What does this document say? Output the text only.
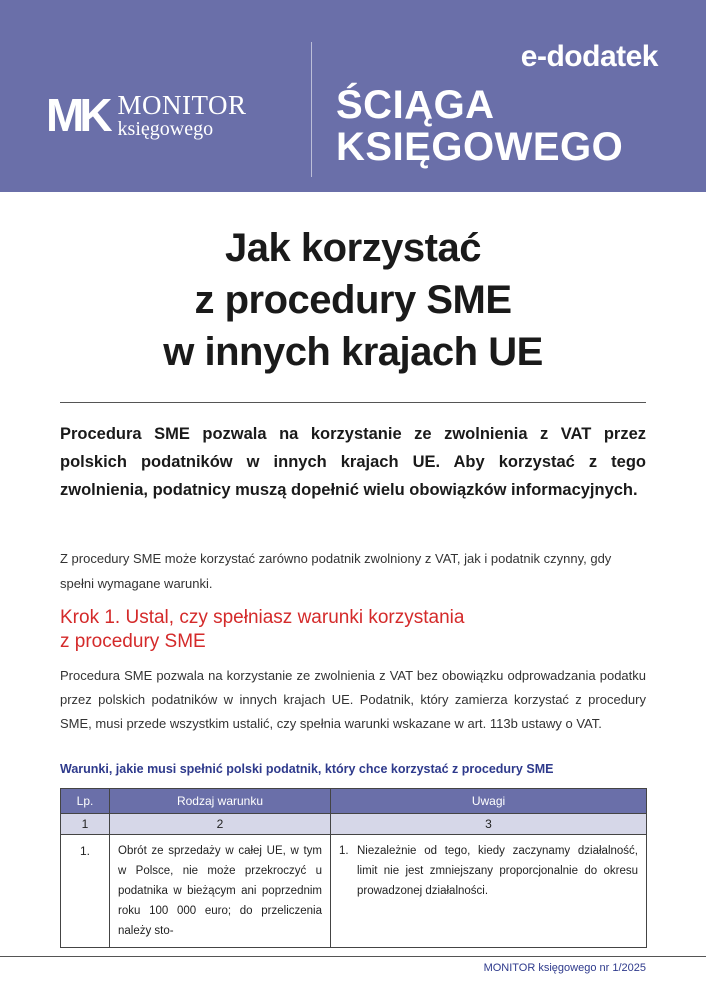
MK MONITOR
księgowego
e-dodatek
ŚCIĄGA
KSIĘGOWEGO
Jak korzystać
z procedury SME
w innych krajach UE
Procedura SME pozwala na korzystanie ze zwolnienia z VAT przez polskich podatników w innych krajach UE. Aby korzystać z tego zwolnienia, podatnicy muszą dopełnić wielu obowiązków informacyjnych.
Z procedury SME może korzystać zarówno podatnik zwolniony z VAT, jak i podatnik czynny, gdy spełni wymagane warunki.
Krok 1. Ustal, czy spełniasz warunki korzystania
z procedury SME
Procedura SME pozwala na korzystanie ze zwolnienia z VAT bez obowiązku odprowadzania podatku przez polskich podatników w innych krajach UE. Podatnik, który zamierza korzystać z procedury SME, musi przede wszystkim ustalić, czy spełnia warunki wskazane w art. 113b ustawy o VAT.
Warunki, jakie musi spełnić polski podatnik, który chce korzystać z procedury SME
Lp.	Rodzaj warunku	Uwagi
1	2	3
1.	Obrót ze sprzedaży w całej UE, w tym w Polsce, nie może przekroczyć u podatnika w bieżącym ani poprzednim roku 100 000 euro; do przeliczenia należy sto-	1. Niezależnie od tego, kiedy zaczynamy działalność, limit nie jest zmniejszany proporcjonalnie do okresu prowadzonej działalności.
MONITOR księgowego nr 1/2025
